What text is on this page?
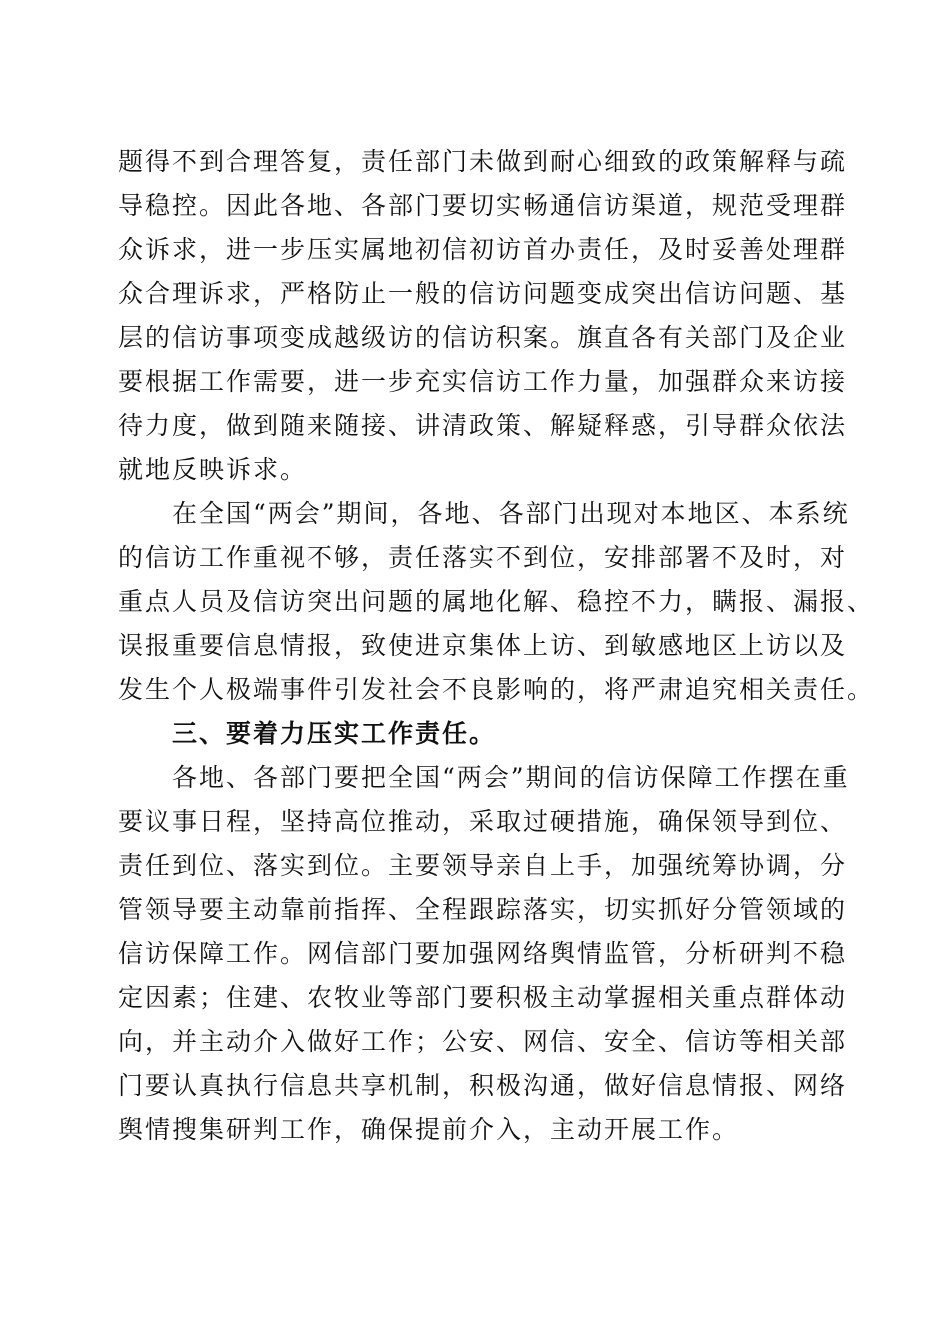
题得不到合理答复，责任部门未做到耐心细致的政策解释与疏
导稳控。因此各地、各部门要切实畅通信访渠道，规范受理群
众诉求，进一步压实属地初信初访首办责任，及时妥善处理群
众合理诉求，严格防止一般的信访问题变成突出信访问题、基
层的信访事项变成越级访的信访积案。旗直各有关部门及企业
要根据工作需要，进一步充实信访工作力量，加强群众来访接
待力度，做到随来随接、讲清政策、解疑释惑，引导群众依法
就地反映诉求。
　　在全国“两会”期间，各地、各部门出现对本地区、本系统
的信访工作重视不够，责任落实不到位，安排部署不及时，对
重点人员及信访突出问题的属地化解、稳控不力，瞒报、漏报、
误报重要信息情报，致使进京集体上访、到敏感地区上访以及
发生个人极端事件引发社会不良影响的，将严肃追究相关责任。
　　三、要着力压实工作责任。
　　各地、各部门要把全国“两会”期间的信访保障工作摆在重
要议事日程，坚持高位推动，采取过硬措施，确保领导到位、
责任到位、落实到位。主要领导亲自上手，加强统筹协调，分
管领导要主动靠前指挥、全程跟踪落实，切实抓好分管领域的
信访保障工作。网信部门要加强网络舆情监管，分析研判不稳
定因素；住建、农牧业等部门要积极主动掌握相关重点群体动
向，并主动介入做好工作；公安、网信、安全、信访等相关部
门要认真执行信息共享机制，积极沟通，做好信息情报、网络
舆情搜集研判工作，确保提前介入，主动开展工作。
